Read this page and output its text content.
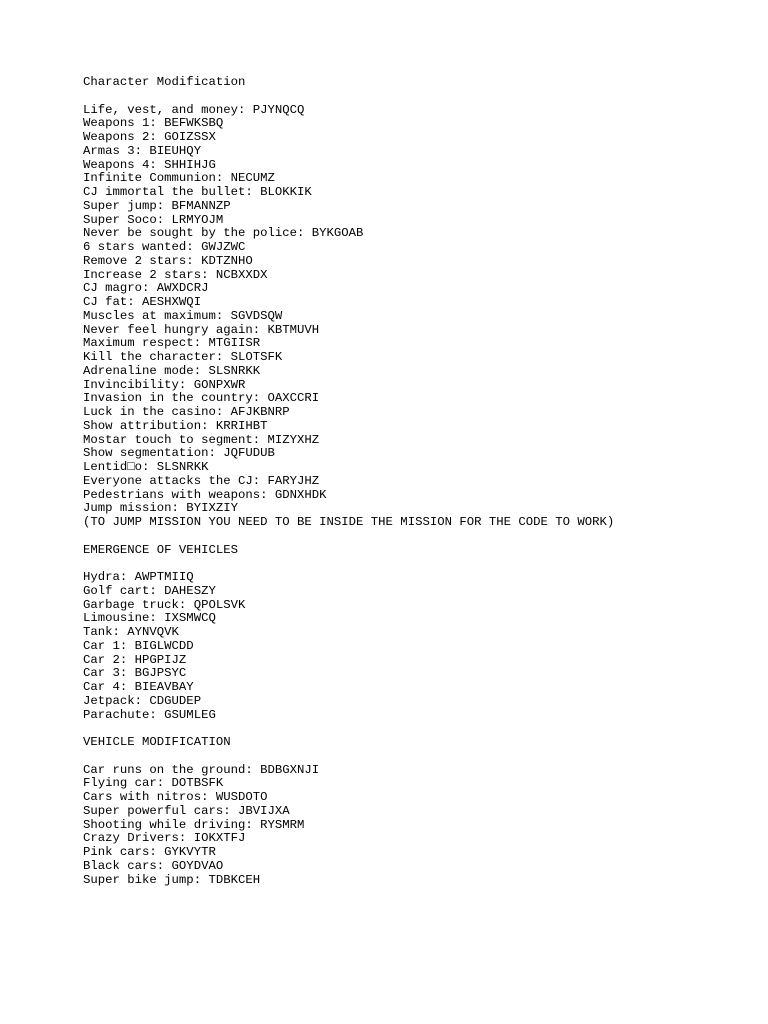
Character Modification
Life, vest, and money: PJYNQCQ
Weapons 1: BEFWKSBQ
Weapons 2: GOIZSSX
Armas 3: BIEUHQY
Weapons 4: SHHIHJG
Infinite Communion: NECUMZ
CJ immortal the bullet: BLOKKIK
Super jump: BFMANNZP
Super Soco: LRMYOJM
Never be sought by the police: BYKGOAB
6 stars wanted: GWJZWC
Remove 2 stars: KDTZNHO
Increase 2 stars: NCBXXDX
CJ magro: AWXDCRJ
CJ fat: AESHXWQI
Muscles at maximum: SGVDSQW
Never feel hungry again: KBTMUVH
Maximum respect: MTGIISR
Kill the character: SLOTSFK
Adrenaline mode: SLSNRKK
Invincibility: GONPXWR
Invasion in the country: OAXCCRI
Luck in the casino: AFJKBNRP
Show attribution: KRRIHBT
Mostar touch to segment: MIZYXHZ
Show segmentation: JQFUDUB
Lentid□o: SLSNRKK
Everyone attacks the CJ: FARYJHZ
Pedestrians with weapons: GDNXHDK
Jump mission: BYIXZIY
(TO JUMP MISSION YOU NEED TO BE INSIDE THE MISSION FOR THE CODE TO WORK)
EMERGENCE OF VEHICLES
Hydra: AWPTMIIQ
Golf cart: DAHESZY
Garbage truck: QPOLSVK
Limousine: IXSMWCQ
Tank: AYNVQVK
Car 1: BIGLWCDD
Car 2: HPGPIJZ
Car 3: BGJPSYC
Car 4: BIEAVBAY
Jetpack: CDGUDEP
Parachute: GSUMLEG
VEHICLE MODIFICATION
Car runs on the ground: BDBGXNJI
Flying car: DOTBSFK
Cars with nitros: WUSDOTO
Super powerful cars: JBVIJXA
Shooting while driving: RYSMRM
Crazy Drivers: IOKXTFJ
Pink cars: GYKVYTR
Black cars: GOYDVAO
Super bike jump: TDBKCEH
